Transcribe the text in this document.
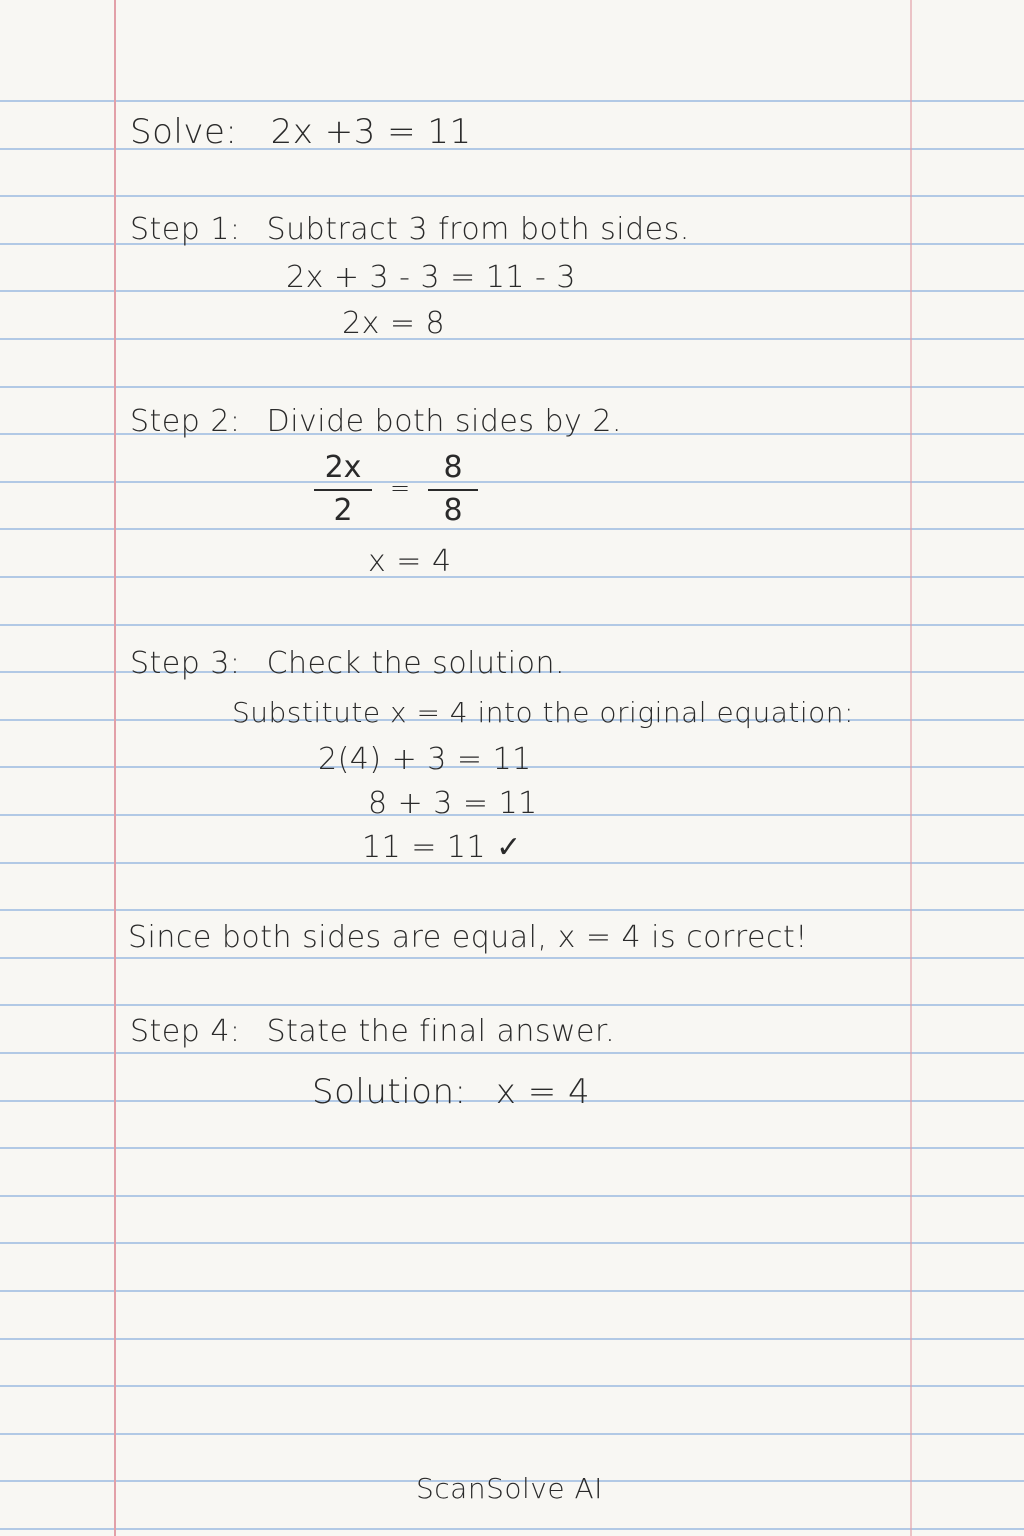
Solve: 2x +3 = 11
Step 1: Subtract 3 from both sides.
2x + 3 - 3 = 11 - 3
2x = 8
Step 2: Divide both sides by 2.
2x
2
=
8
8
x = 4
Step 3: Check the solution.
Substitute x = 4 into the original equation:
2(4) + 3 = 11
8 + 3 = 11
11 = 11 ✓
Since both sides are equal, x = 4 is correct!
Step 4: State the final answer.
Solution: x = 4
ScanSolve AI
